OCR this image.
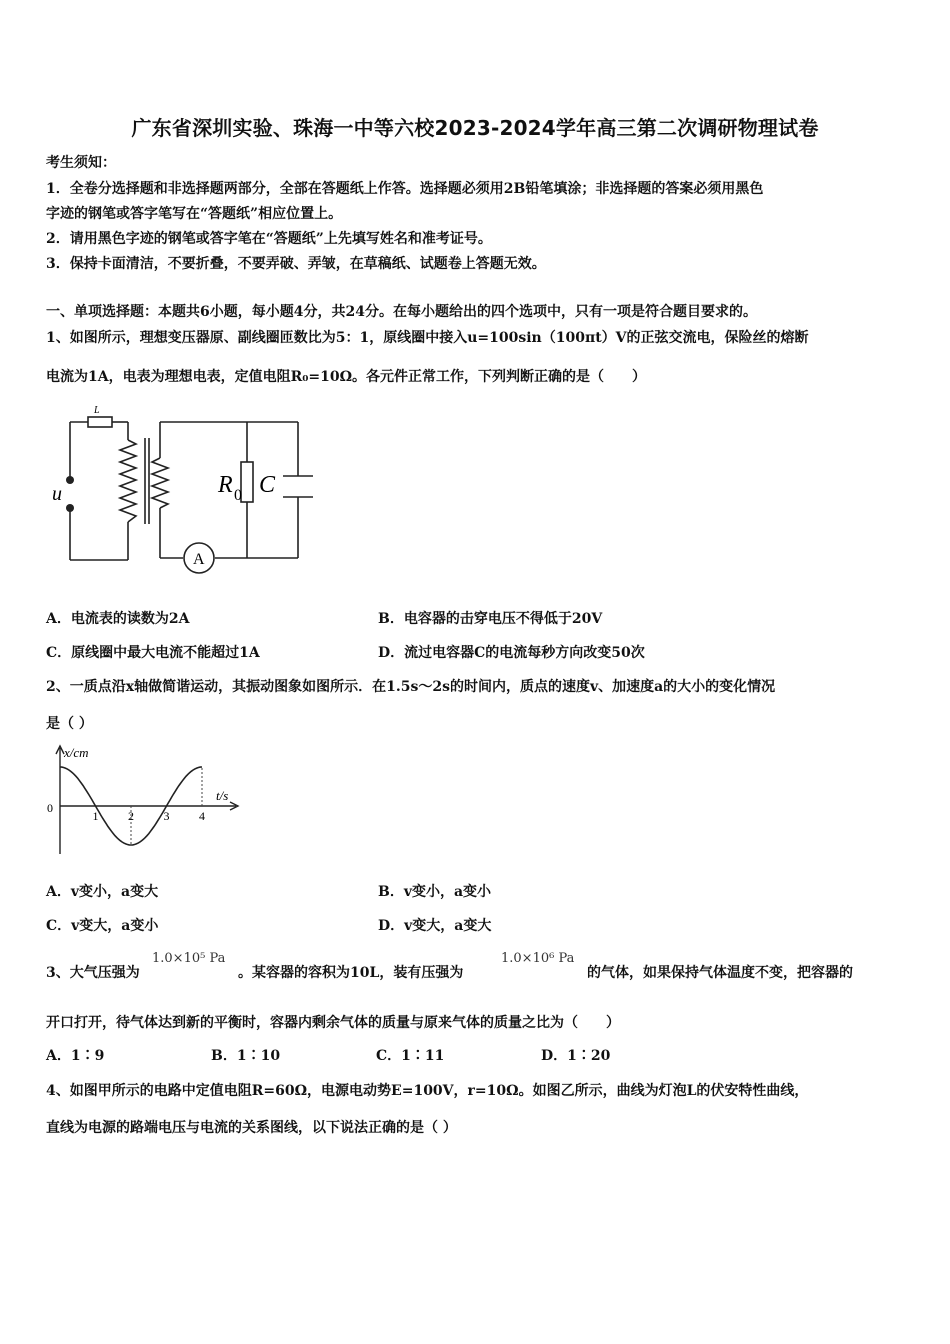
广东省深圳实验、珠海一中等六校2023-2024学年高三第二次调研物理试卷
考生须知：
1．全卷分选择题和非选择题两部分，全部在答题纸上作答。选择题必须用2B铅笔填涂；非选择题的答案必须用黑色
字迹的钢笔或答字笔写在“答题纸”相应位置上。
2．请用黑色字迹的钢笔或答字笔在“答题纸”上先填写姓名和准考证号。
3．保持卡面清洁，不要折叠，不要弄破、弄皱，在草稿纸、试题卷上答题无效。
一、单项选择题：本题共6小题，每小题4分，共24分。在每小题给出的四个选项中，只有一项是符合题目要求的。
1、如图所示，理想变压器原、副线圈匝数比为5：1，原线圈中接入u=100sin（100πt）V的正弦交流电，保险丝的熔断
电流为1A，电表为理想电表，定值电阻R₀=10Ω。各元件正常工作，下列判断正确的是（　　）
L
u
A
R 0 C
A．电流表的读数为2A	B．电容器的击穿电压不得低于20V
C．原线圈中最大电流不能超过1A	D．流过电容器C的电流每秒方向改变50次
2、一质点沿x轴做简谐运动，其振动图象如图所示．在1.5s～2s的时间内，质点的速度v、加速度a的大小的变化情况
是（ ）
x/cm
t/s
0
1 2 3 4
A．v变小，a变大	B．v变小，a变小
C．v变大，a变小	D．v变大，a变大
3、大气压强为
1.0×10⁵ Pa
。某容器的容积为10L，装有压强为
1.0×10⁶ Pa
的气体，如果保持气体温度不变，把容器的
开口打开，待气体达到新的平衡时，容器内剩余气体的质量与原来气体的质量之比为（　　）
A．1∶9	B．1∶10	C．1∶11	D．1∶20
4、如图甲所示的电路中定值电阻R=60Ω，电源电动势E=100V，r=10Ω。如图乙所示，曲线为灯泡L的伏安特性曲线，
直线为电源的路端电压与电流的关系图线，以下说法正确的是（ ）
